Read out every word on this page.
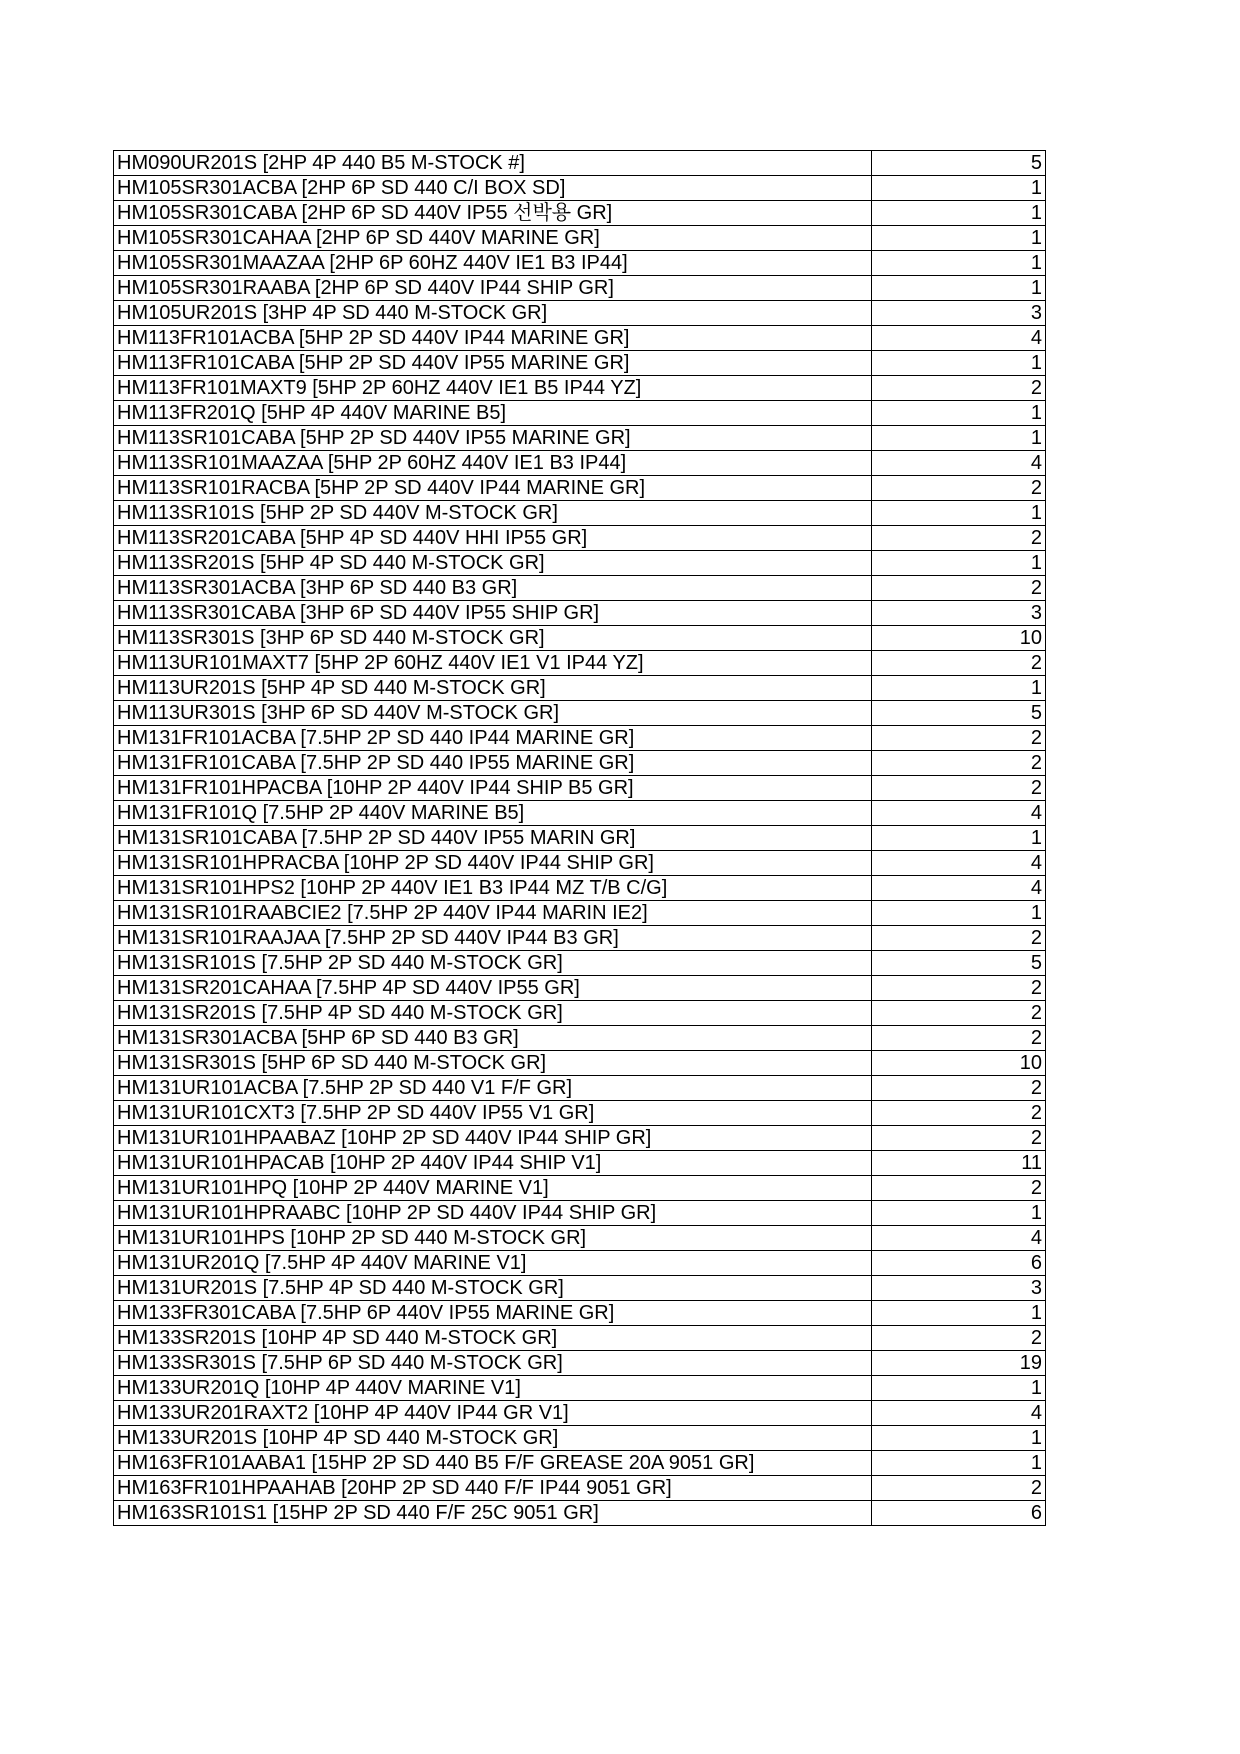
HM090UR201S [2HP 4P 440 B5 M-STOCK #]	5
HM105SR301ACBA [2HP 6P SD 440 C/I BOX SD]	1
HM105SR301CABA [2HP 6P SD 440V IP55 선박용 GR]	1
HM105SR301CAHAA [2HP 6P SD 440V MARINE GR]	1
HM105SR301MAAZAA [2HP 6P 60HZ 440V IE1 B3 IP44]	1
HM105SR301RAABA [2HP 6P SD 440V IP44 SHIP GR]	1
HM105UR201S [3HP 4P SD 440 M-STOCK GR]	3
HM113FR101ACBA [5HP 2P SD 440V IP44 MARINE GR]	4
HM113FR101CABA [5HP 2P SD 440V IP55 MARINE GR]	1
HM113FR101MAXT9 [5HP 2P 60HZ 440V IE1 B5 IP44 YZ]	2
HM113FR201Q [5HP 4P 440V MARINE B5]	1
HM113SR101CABA [5HP 2P SD 440V IP55 MARINE GR]	1
HM113SR101MAAZAA [5HP 2P 60HZ 440V IE1 B3 IP44]	4
HM113SR101RACBA [5HP 2P SD 440V IP44 MARINE GR]	2
HM113SR101S [5HP 2P SD 440V M-STOCK GR]	1
HM113SR201CABA [5HP 4P SD 440V HHI IP55 GR]	2
HM113SR201S [5HP 4P SD 440 M-STOCK GR]	1
HM113SR301ACBA [3HP 6P SD 440 B3 GR]	2
HM113SR301CABA [3HP 6P SD 440V IP55 SHIP GR]	3
HM113SR301S [3HP 6P SD 440 M-STOCK GR]	10
HM113UR101MAXT7 [5HP 2P 60HZ 440V IE1 V1 IP44 YZ]	2
HM113UR201S [5HP 4P SD 440 M-STOCK GR]	1
HM113UR301S [3HP 6P SD 440V M-STOCK GR]	5
HM131FR101ACBA [7.5HP 2P SD 440 IP44 MARINE GR]	2
HM131FR101CABA [7.5HP 2P SD 440 IP55 MARINE GR]	2
HM131FR101HPACBA [10HP 2P 440V IP44 SHIP B5 GR]	2
HM131FR101Q [7.5HP 2P 440V MARINE B5]	4
HM131SR101CABA [7.5HP 2P SD 440V IP55 MARIN GR]	1
HM131SR101HPRACBA [10HP 2P SD 440V IP44 SHIP GR]	4
HM131SR101HPS2 [10HP 2P 440V IE1 B3 IP44 MZ T/B C/G]	4
HM131SR101RAABCIE2 [7.5HP 2P 440V IP44 MARIN IE2]	1
HM131SR101RAAJAA [7.5HP 2P SD 440V IP44 B3 GR]	2
HM131SR101S [7.5HP 2P SD 440 M-STOCK GR]	5
HM131SR201CAHAA [7.5HP 4P SD 440V IP55 GR]	2
HM131SR201S [7.5HP 4P SD 440 M-STOCK GR]	2
HM131SR301ACBA [5HP 6P SD 440 B3 GR]	2
HM131SR301S [5HP 6P SD 440 M-STOCK GR]	10
HM131UR101ACBA [7.5HP 2P SD 440 V1 F/F GR]	2
HM131UR101CXT3 [7.5HP 2P SD 440V IP55 V1 GR]	2
HM131UR101HPAABAZ [10HP 2P SD 440V IP44 SHIP GR]	2
HM131UR101HPACAB [10HP 2P 440V IP44 SHIP V1]	11
HM131UR101HPQ [10HP 2P 440V MARINE V1]	2
HM131UR101HPRAABC [10HP 2P SD 440V IP44 SHIP GR]	1
HM131UR101HPS [10HP 2P SD 440 M-STOCK GR]	4
HM131UR201Q [7.5HP 4P 440V MARINE V1]	6
HM131UR201S [7.5HP 4P SD 440 M-STOCK GR]	3
HM133FR301CABA [7.5HP 6P 440V IP55 MARINE GR]	1
HM133SR201S [10HP 4P SD 440 M-STOCK GR]	2
HM133SR301S [7.5HP 6P SD 440 M-STOCK GR]	19
HM133UR201Q [10HP 4P 440V MARINE V1]	1
HM133UR201RAXT2 [10HP 4P 440V IP44 GR V1]	4
HM133UR201S [10HP 4P SD 440 M-STOCK GR]	1
HM163FR101AABA1 [15HP 2P SD 440 B5 F/F GREASE 20A 9051 GR]	1
HM163FR101HPAAHAB [20HP 2P SD 440 F/F IP44 9051 GR]	2
HM163SR101S1 [15HP 2P SD 440 F/F 25C 9051 GR]	6
